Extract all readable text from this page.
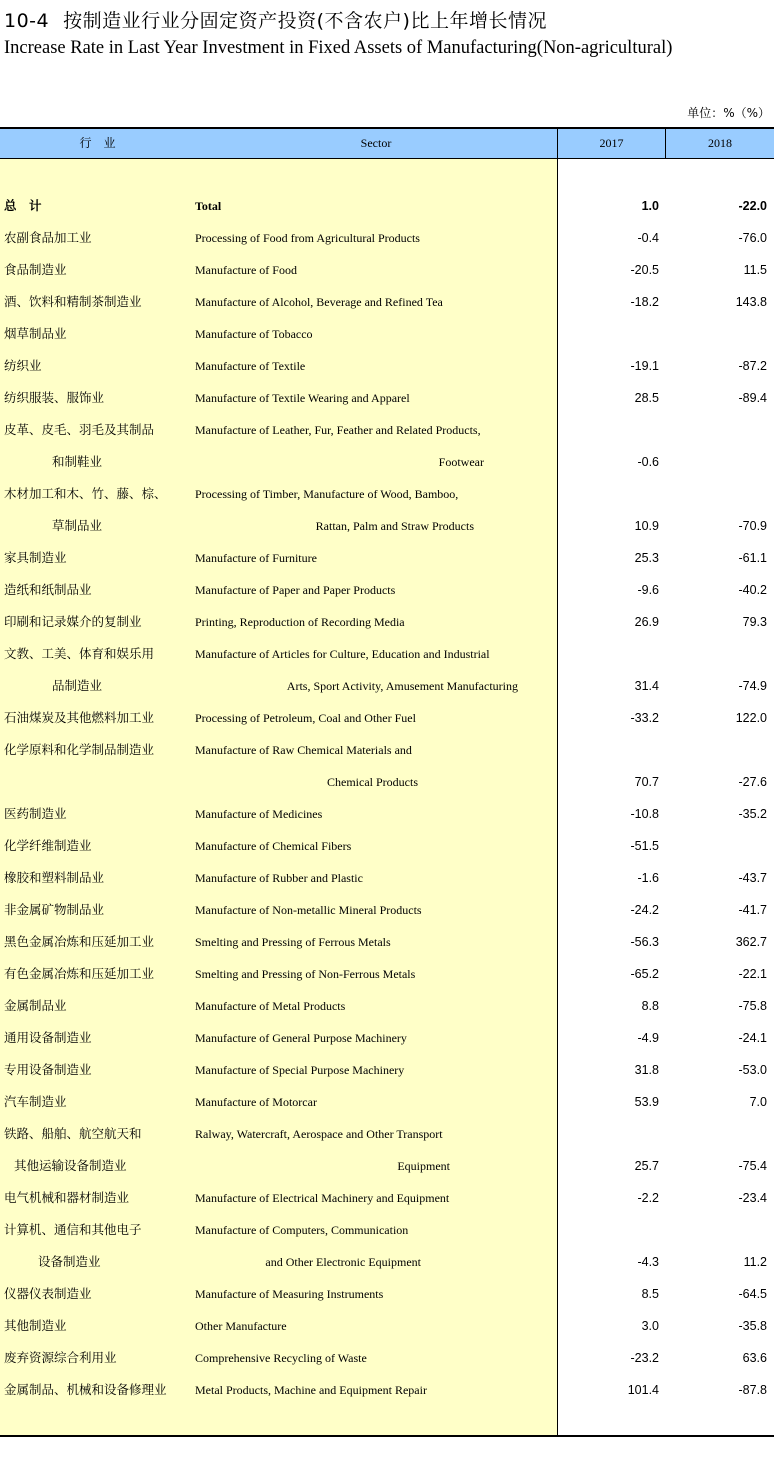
10-4 按制造业行业分固定资产投资(不含农户)比上年增长情况
Increase Rate in Last Year Investment in Fixed Assets of Manufacturing(Non-agricultural)
单位：%（%）
行　业	Sector	2017	2018
总　计	Total	1.0	-22.0
农副食品加工业	Processing of Food from Agricultural Products	-0.4	-76.0
食品制造业	Manufacture of Food	-20.5	11.5
酒、饮料和精制茶制造业	Manufacture of Alcohol, Beverage and Refined Tea	-18.2	143.8
烟草制品业	Manufacture of Tobacco
纺织业	Manufacture of Textile	-19.1	-87.2
纺织服装、服饰业	Manufacture of Textile Wearing and Apparel	28.5	-89.4
皮革、皮毛、羽毛及其制品	Manufacture of Leather, Fur, Feather and Related Products,
和制鞋业	Footwear	-0.6
木材加工和木、竹、藤、棕、 Processing of Timber, Manufacture of Wood, Bamboo,
草制品业	Rattan, Palm and Straw Products	10.9	-70.9
家具制造业	Manufacture of Furniture	25.3	-61.1
造纸和纸制品业	Manufacture of Paper and Paper Products	-9.6	-40.2
印刷和记录媒介的复制业	Printing, Reproduction of Recording Media	26.9	79.3
文教、工美、体育和娱乐用	Manufacture of Articles for Culture, Education and Industrial
品制造业	Arts, Sport Activity, Amusement Manufacturing	31.4	-74.9
石油煤炭及其他燃料加工业	Processing of Petroleum, Coal and Other Fuel	-33.2	122.0
化学原料和化学制品制造业	Manufacture of Raw Chemical Materials and
Chemical Products	70.7	-27.6
医药制造业	Manufacture of Medicines	-10.8	-35.2
化学纤维制造业	Manufacture of Chemical Fibers	-51.5
橡胶和塑料制品业	Manufacture of Rubber and Plastic	-1.6	-43.7
非金属矿物制品业	Manufacture of Non-metallic Mineral Products	-24.2	-41.7
黑色金属冶炼和压延加工业	Smelting and Pressing of Ferrous Metals	-56.3	362.7
有色金属冶炼和压延加工业	Smelting and Pressing of Non-Ferrous Metals	-65.2	-22.1
金属制品业	Manufacture of Metal Products	8.8	-75.8
通用设备制造业	Manufacture of General Purpose Machinery	-4.9	-24.1
专用设备制造业	Manufacture of Special Purpose Machinery	31.8	-53.0
汽车制造业	Manufacture of Motorcar	53.9	7.0
铁路、船舶、航空航天和	Ralway, Watercraft, Aerospace and Other Transport
其他运输设备制造业	Equipment	25.7	-75.4
电气机械和器材制造业	Manufacture of Electrical Machinery and Equipment	-2.2	-23.4
计算机、通信和其他电子	Manufacture of Computers, Communication
设备制造业	and Other Electronic Equipment	-4.3	11.2
仪器仪表制造业	Manufacture of Measuring Instruments	8.5	-64.5
其他制造业	Other Manufacture	3.0	-35.8
废弃资源综合利用业	Comprehensive Recycling of Waste	-23.2	63.6
金属制品、机械和设备修理业 Metal Products, Machine and Equipment Repair	101.4	-87.8
